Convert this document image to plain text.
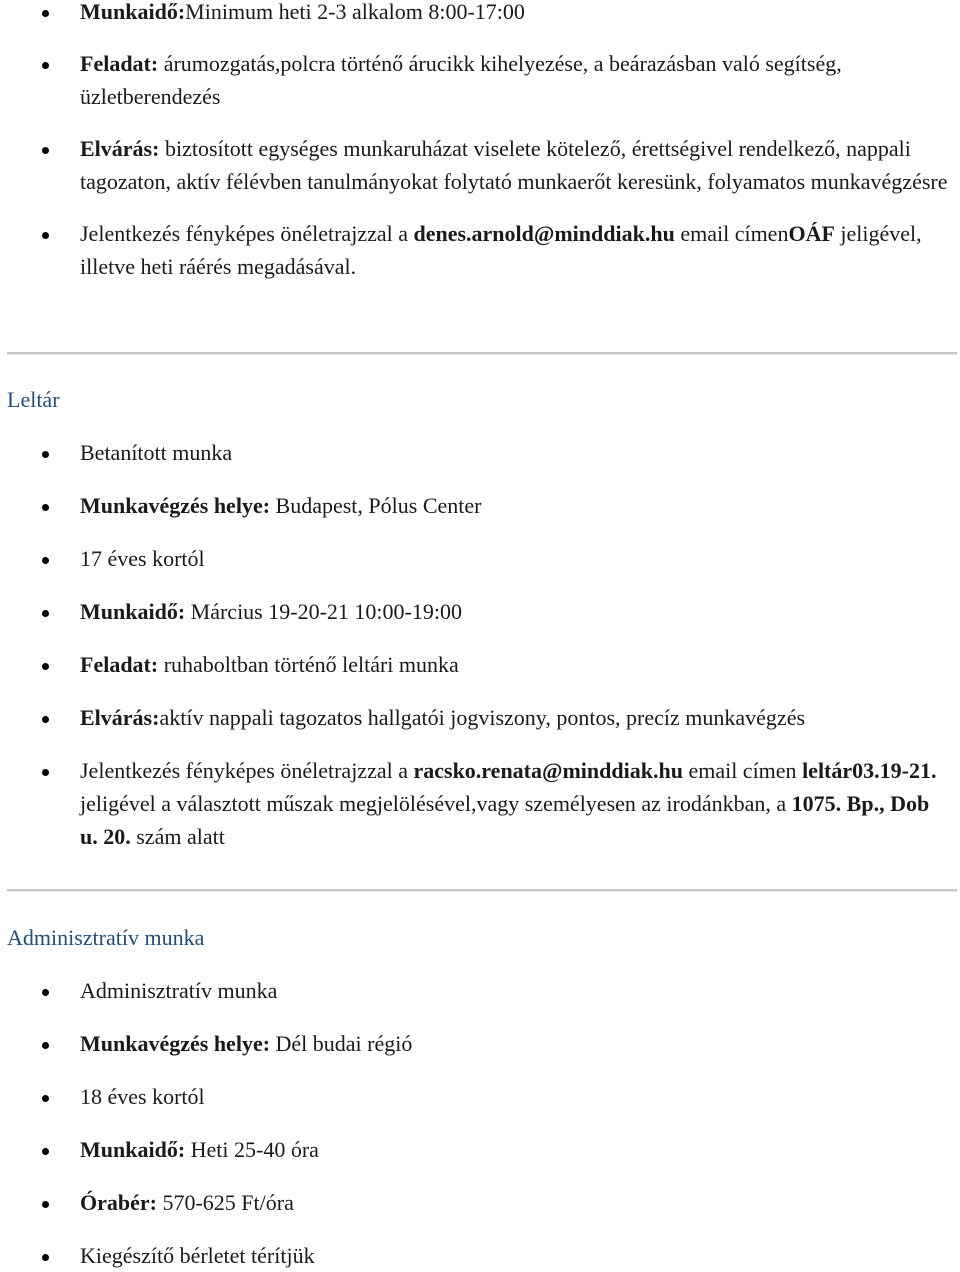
Munkaidő:Minimum heti 2-3 alkalom 8:00-17:00
Feladat: árumozgatás,polcra történő árucikk kihelyezése, a beárazásban való segítség, üzletberendezés
Elvárás: biztosított egységes munkaruházat viselete kötelező, érettségivel rendelkező, nappali tagozaton, aktív félévben tanulmányokat folytató munkaerőt keresünk, folyamatos munkavégzésre
Jelentkezés fényképes önéletrajzzal a denes.arnold@minddiak.hu email címenOÁF jeligével, illetve heti ráérés megadásával.
Leltár
Betanított munka
Munkavégzés helye: Budapest, Pólus Center
17 éves kortól
Munkaidő: Március 19-20-21 10:00-19:00
Feladat: ruhaboltban történő leltári munka
Elvárás:aktív nappali tagozatos hallgatói jogviszony, pontos, precíz munkavégzés
Jelentkezés fényképes önéletrajzzal a racsko.renata@minddiak.hu email címen leltár03.19-21. jeligével a választott műszak megjelölésével,vagy személyesen az irodánkban, a 1075. Bp., Dob u. 20. szám alatt
Adminisztratív munka
Adminisztratív munka
Munkavégzés helye: Dél budai régió
18 éves kortól
Munkaidő: Heti 25-40 óra
Órabér: 570-625 Ft/óra
Kiegészítő bérletet térítjük
